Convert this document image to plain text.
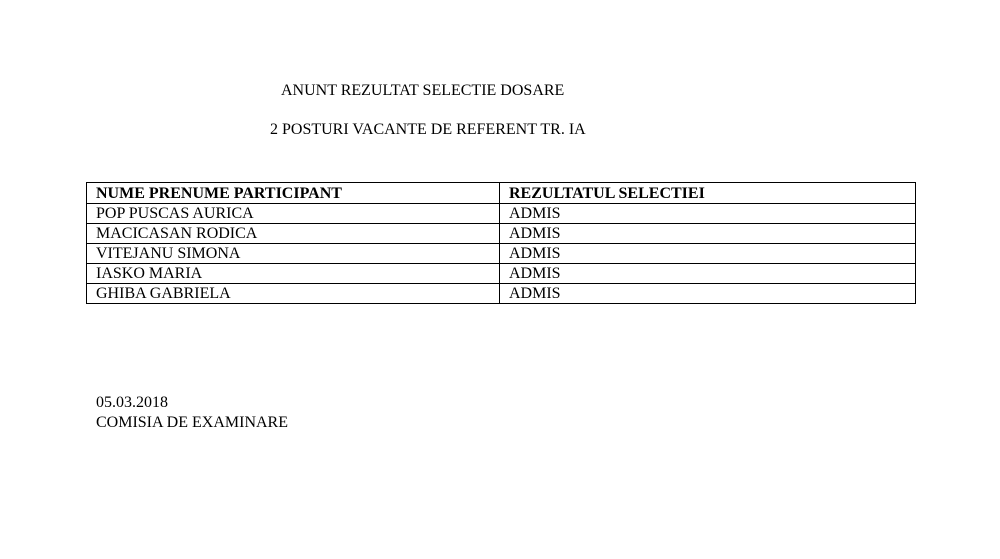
ANUNT REZULTAT SELECTIE DOSARE
2 POSTURI VACANTE DE REFERENT TR. IA
NUME PRENUME PARTICIPANT	REZULTATUL SELECTIEI
POP PUSCAS AURICA	ADMIS
MACICASAN RODICA	ADMIS
VITEJANU SIMONA	ADMIS
IASKO MARIA	ADMIS
GHIBA GABRIELA	ADMIS
05.03.2018
COMISIA DE EXAMINARE
